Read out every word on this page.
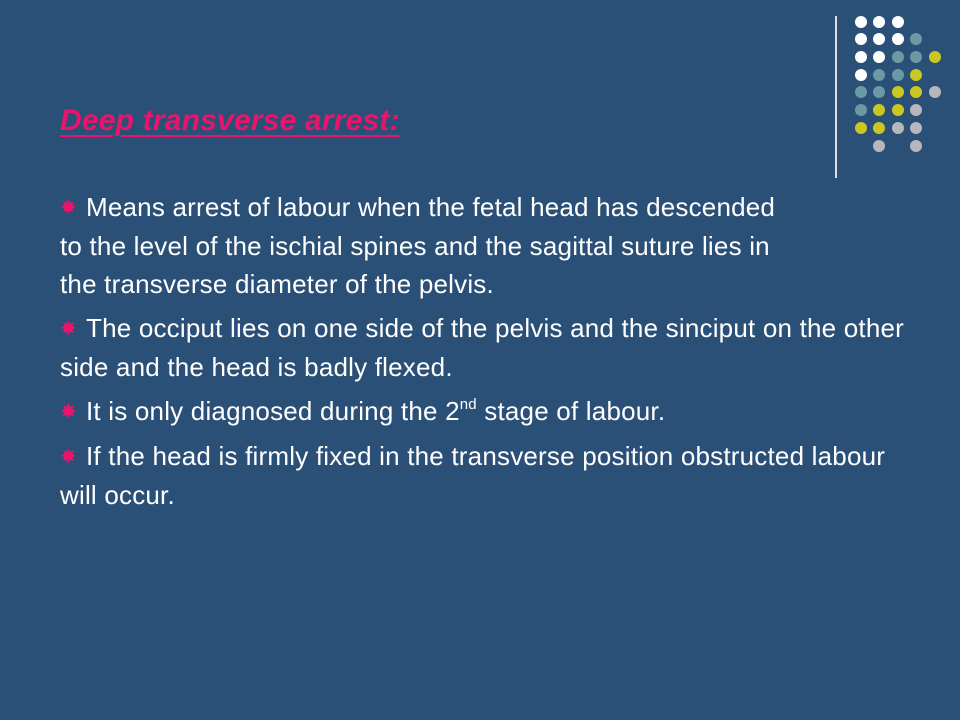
Deep transverse arrest:
✸ Means arrest of labour when the fetal head has descended to the level of the ischial spines and the sagittal suture lies in the transverse diameter of the pelvis.
✸ The occiput lies on one side of the pelvis and the sinciput on the other side and the head is badly flexed.
✸ It is only diagnosed during the 2nd stage of labour.
✸ If the head is firmly fixed in the transverse position obstructed labour will occur.
